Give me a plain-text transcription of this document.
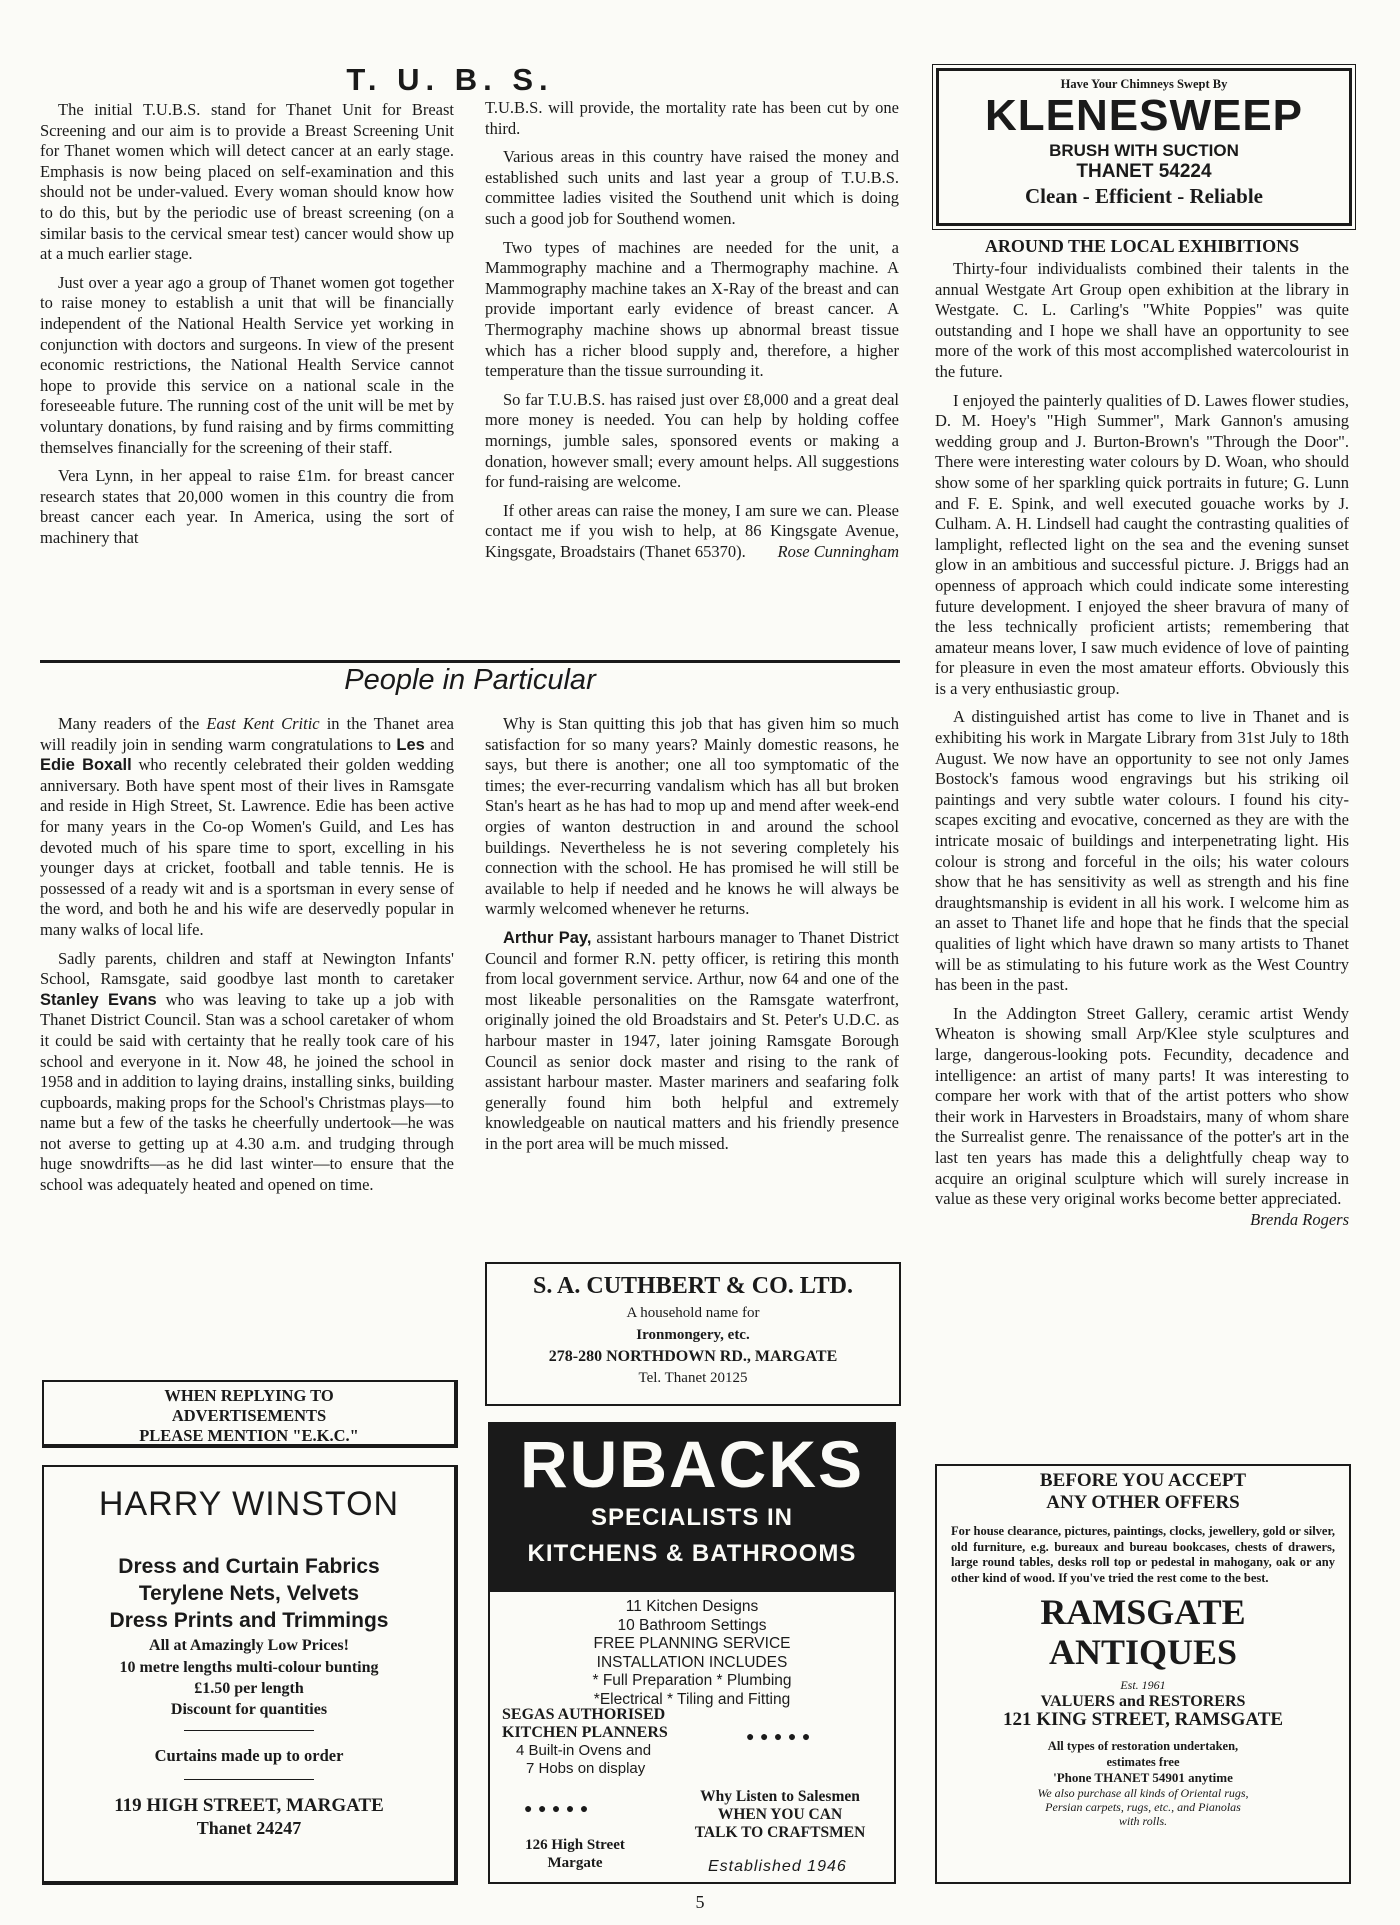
T. U. B. S.

The initial T.U.B.S. stand for Thanet Unit for Breast Screening and our aim is to provide a Breast Screening Unit for Thanet women which will detect cancer at an early stage. Emphasis is now being placed on self-examination and this should not be under-valued. Every woman should know how to do this, but by the periodic use of breast screening (on a similar basis to the cervical smear test) cancer would show up at a much earlier stage.

Just over a year ago a group of Thanet women got together to raise money to establish a unit that will be financially independent of the National Health Service yet working in conjunction with doctors and surgeons. In view of the present economic restrictions, the National Health Service cannot hope to provide this service on a national scale in the foreseeable future. The running cost of the unit will be met by voluntary donations, by fund raising and by firms committing themselves financially for the screening of their staff.

Vera Lynn, in her appeal to raise £1m. for breast cancer research states that 20,000 women in this country die from breast cancer each year. In America, using the sort of machinery that

T.U.B.S. will provide, the mortality rate has been cut by one third.

Various areas in this country have raised the money and established such units and last year a group of T.U.B.S. committee ladies visited the Southend unit which is doing such a good job for Southend women.

Two types of machines are needed for the unit, a Mammography machine and a Thermography machine. A Mammography machine takes an X-Ray of the breast and can provide important early evidence of breast cancer. A Thermography machine shows up abnormal breast tissue which has a richer blood supply and, therefore, a higher temperature than the tissue surrounding it.

So far T.U.B.S. has raised just over £8,000 and a great deal more money is needed. You can help by holding coffee mornings, jumble sales, sponsored events or making a donation, however small; every amount helps. All suggestions for fund-raising are welcome.

If other areas can raise the money, I am sure we can. Please contact me if you wish to help, at 86 Kingsgate Avenue, Kingsgate, Broadstairs (Thanet 65370).	Rose Cunningham

People in Particular

Many readers of the East Kent Critic in the Thanet area will readily join in sending warm congratulations to Les and Edie Boxall who recently celebrated their golden wedding anniversary. Both have spent most of their lives in Ramsgate and reside in High Street, St. Lawrence. Edie has been active for many years in the Co-op Women's Guild, and Les has devoted much of his spare time to sport, excelling in his younger days at cricket, football and table tennis. He is possessed of a ready wit and is a sportsman in every sense of the word, and both he and his wife are deservedly popular in many walks of local life.

Sadly parents, children and staff at Newington Infants' School, Ramsgate, said goodbye last month to caretaker Stanley Evans who was leaving to take up a job with Thanet District Council. Stan was a school caretaker of whom it could be said with certainty that he really took care of his school and everyone in it. Now 48, he joined the school in 1958 and in addition to laying drains, installing sinks, building cupboards, making props for the School's Christmas plays—to name but a few of the tasks he cheerfully undertook—he was not averse to getting up at 4.30 a.m. and trudging through huge snowdrifts—as he did last winter—to ensure that the school was adequately heated and opened on time.

Why is Stan quitting this job that has given him so much satisfaction for so many years? Mainly domestic reasons, he says, but there is another; one all too symptomatic of the times; the ever-recurring vandalism which has all but broken Stan's heart as he has had to mop up and mend after week-end orgies of wanton destruction in and around the school buildings. Nevertheless he is not severing completely his connection with the school. He has promised he will still be available to help if needed and he knows he will always be warmly welcomed whenever he returns.

Arthur Pay, assistant harbours manager to Thanet District Council and former R.N. petty officer, is retiring this month from local government service. Arthur, now 64 and one of the most likeable personalities on the Ramsgate waterfront, originally joined the old Broadstairs and St. Peter's U.D.C. as harbour master in 1947, later joining Ramsgate Borough Council as senior dock master and rising to the rank of assistant harbour master. Master mariners and seafaring folk generally found him both helpful and extremely knowledgeable on nautical matters and his friendly presence in the port area will be much missed.

Have Your Chimneys Swept By
KLENESWEEP
BRUSH WITH SUCTION
THANET 54224
Clean - Efficient - Reliable
AROUND THE LOCAL EXHIBITIONS

Thirty-four individualists combined their talents in the annual Westgate Art Group open exhibition at the library in Westgate. C. L. Carling's "White Poppies" was quite outstanding and I hope we shall have an opportunity to see more of the work of this most accomplished watercolourist in the future.

I enjoyed the painterly qualities of D. Lawes flower studies, D. M. Hoey's "High Summer", Mark Gannon's amusing wedding group and J. Burton-Brown's "Through the Door". There were interesting water colours by D. Woan, who should show some of her sparkling quick portraits in future; G. Lunn and F. E. Spink, and well executed gouache works by J. Culham. A. H. Lindsell had caught the contrasting qualities of lamplight, reflected light on the sea and the evening sunset glow in an ambitious and successful picture. J. Briggs had an openness of approach which could indicate some interesting future development. I enjoyed the sheer bravura of many of the less technically proficient artists; remembering that amateur means lover, I saw much evidence of love of painting for pleasure in even the most amateur efforts. Obviously this is a very enthusiastic group.

A distinguished artist has come to live in Thanet and is exhibiting his work in Margate Library from 31st July to 18th August. We now have an opportunity to see not only James Bostock's famous wood engravings but his striking oil paintings and very subtle water colours. I found his city-scapes exciting and evocative, concerned as they are with the intricate mosaic of buildings and interpenetrating light. His colour is strong and forceful in the oils; his water colours show that he has sensitivity as well as strength and his fine draughtsmanship is evident in all his work. I welcome him as an asset to Thanet life and hope that he finds that the special qualities of light which have drawn so many artists to Thanet will be as stimulating to his future work as the West Country has been in the past.

In the Addington Street Gallery, ceramic artist Wendy Wheaton is showing small Arp/Klee style sculptures and large, dangerous-looking pots. Fecundity, decadence and intelligence: an artist of many parts! It was interesting to compare her work with that of the artist potters who show their work in Harvesters in Broadstairs, many of whom share the Surrealist genre. The renaissance of the potter's art in the last ten years has made this a delightfully cheap way to acquire an original sculpture which will surely increase in value as these very original works become better appreciated.
Brenda Rogers

S. A. CUTHBERT & CO. LTD.
A household name for
Ironmongery, etc.
278-280 NORTHDOWN RD., MARGATE
Tel. Thanet 20125
WHEN REPLYING TO
ADVERTISEMENTS
PLEASE MENTION "E.K.C."
HARRY WINSTON
Dress and Curtain Fabrics
Terylene Nets, Velvets
Dress Prints and Trimmings
All at Amazingly Low Prices!
10 metre lengths multi-colour bunting
£1.50 per length
Discount for quantities
Curtains made up to order
119 HIGH STREET, MARGATE
Thanet 24247
RUBACKS
SPECIALISTS IN
KITCHENS & BATHROOMS
11 Kitchen Designs
10 Bathroom Settings
FREE PLANNING SERVICE
INSTALLATION INCLUDES
* Full Preparation * Plumbing
*Electrical * Tiling and Fitting
SEGAS AUTHORISED
KITCHEN PLANNERS
4 Built-in Ovens and
7 Hobs on display
● ● ● ● ●
● ● ● ● ●
Why Listen to Salesmen
WHEN YOU CAN
TALK TO CRAFTSMEN
126 High Street
Margate	Established 1946
BEFORE YOU ACCEPT
ANY OTHER OFFERS
For house clearance, pictures, paintings, clocks, jewellery, gold or silver, old furniture, e.g. bureaux and bureau bookcases, chests of drawers, large round tables, desks roll top or pedestal in mahogany, oak or any other kind of wood. If you've tried the rest come to the best.
RAMSGATE
ANTIQUES
Est. 1961
VALUERS and RESTORERS
121 KING STREET, RAMSGATE
All types of restoration undertaken,
estimates free
'Phone THANET 54901 anytime
We also purchase all kinds of Oriental rugs,
Persian carpets, rugs, etc., and Pianolas
with rolls.
5
